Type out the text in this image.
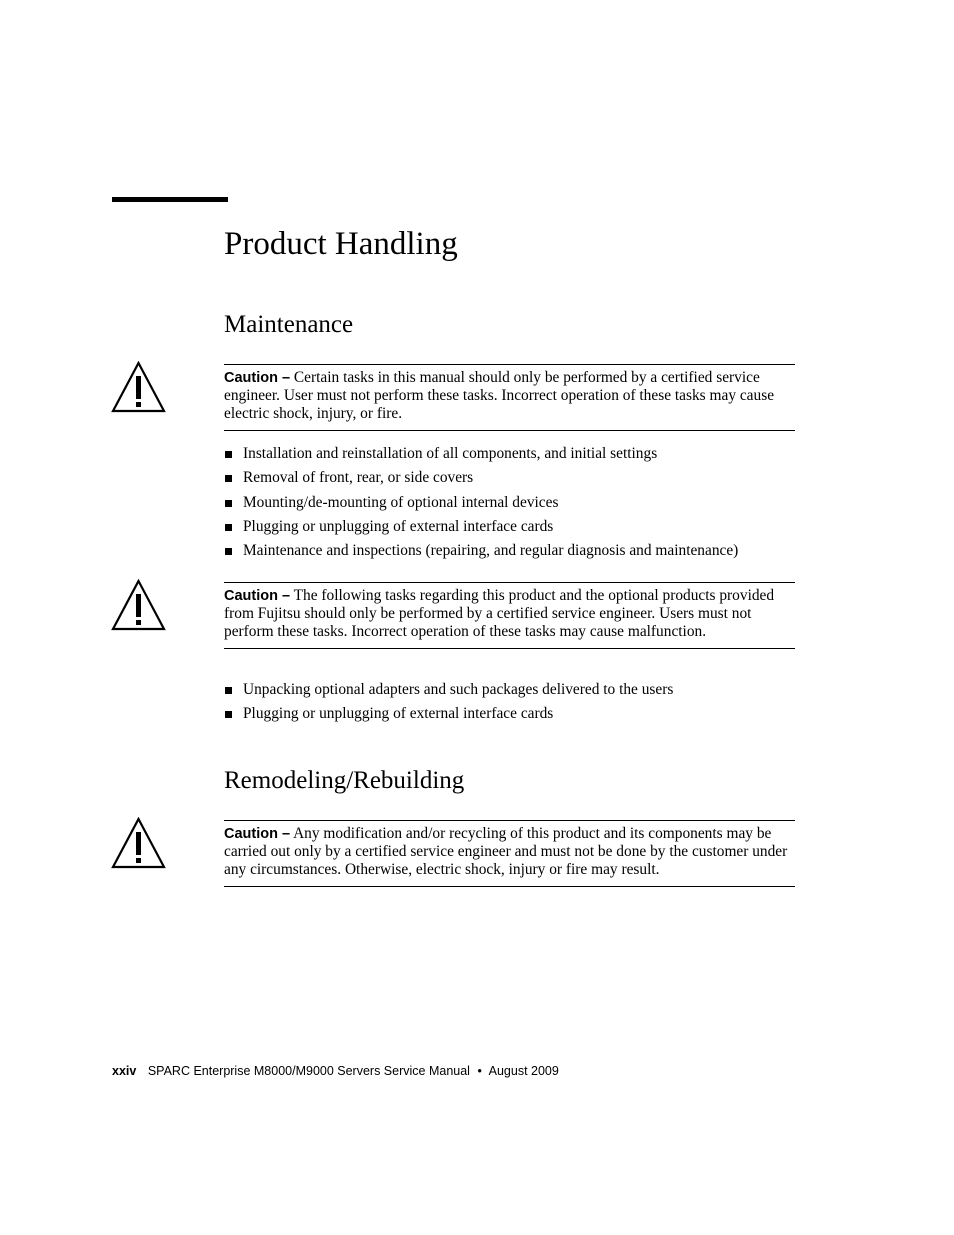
Product Handling
Maintenance
Caution – Certain tasks in this manual should only be performed by a certified service engineer. User must not perform these tasks. Incorrect operation of these tasks may cause electric shock, injury, or fire.
Installation and reinstallation of all components, and initial settings
Removal of front, rear, or side covers
Mounting/de-mounting of optional internal devices
Plugging or unplugging of external interface cards
Maintenance and inspections (repairing, and regular diagnosis and maintenance)
Caution – The following tasks regarding this product and the optional products provided from Fujitsu should only be performed by a certified service engineer. Users must not perform these tasks. Incorrect operation of these tasks may cause malfunction.
Unpacking optional adapters and such packages delivered to the users
Plugging or unplugging of external interface cards
Remodeling/Rebuilding
Caution – Any modification and/or recycling of this product and its components may be carried out only by a certified service engineer and must not be done by the customer under any circumstances. Otherwise, electric shock, injury or fire may result.
xxiv SPARC Enterprise M8000/M9000 Servers Service Manual • August 2009
